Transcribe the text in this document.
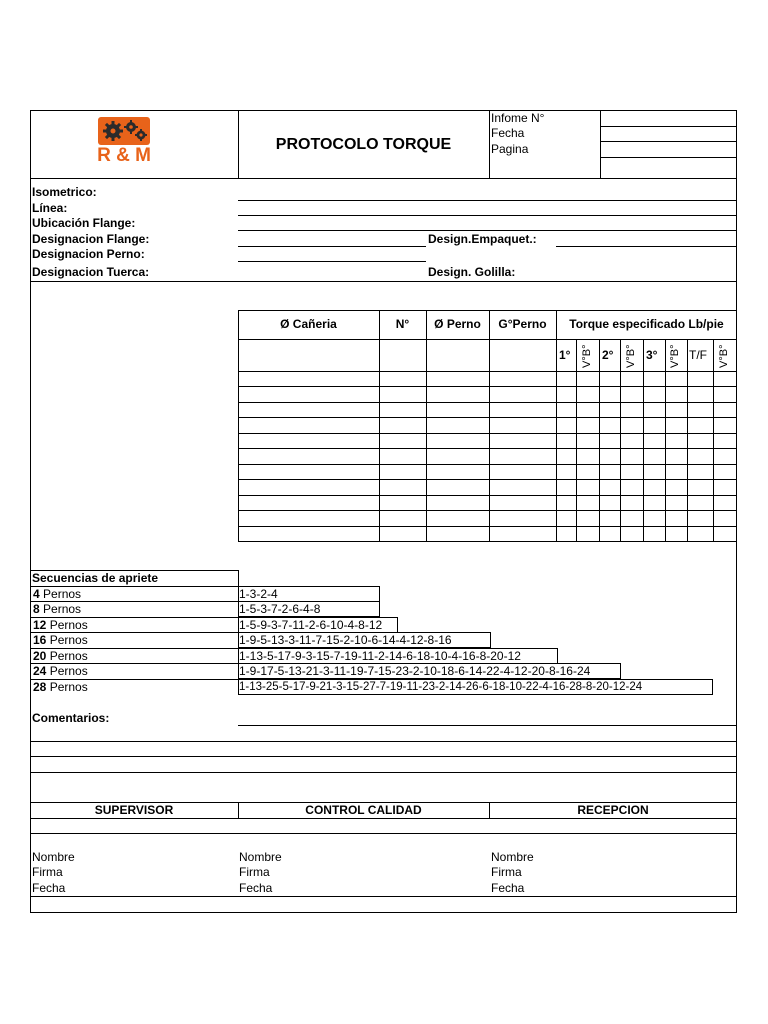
R & M
PROTOCOLO TORQUE
Infome N°
Fecha
Pagina
Isometrico:
Línea:
Ubicación Flange:
Designacion Flange:
Designacion Perno:
Designacion Tuerca:
Design.Empaquet.:
Design. Golilla:
Ø Cañeria	N°	Ø Perno	G°Perno	Torque especificado Lb/pie
1° V°B° 2° V°B° 3° V°B° T/F V°B°
Secuencias de apriete
4 Pernos	1-3-2-4
8 Pernos	1-5-3-7-2-6-4-8
12 Pernos	1-5-9-3-7-11-2-6-10-4-8-12
16 Pernos	1-9-5-13-3-11-7-15-2-10-6-14-4-12-8-16
20 Pernos	1-13-5-17-9-3-15-7-19-11-2-14-6-18-10-4-16-8-20-12
24 Pernos	1-9-17-5-13-21-3-11-19-7-15-23-2-10-18-6-14-22-4-12-20-8-16-24
28 Pernos	1-13-25-5-17-9-21-3-15-27-7-19-11-23-2-14-26-6-18-10-22-4-16-28-8-20-12-24
Comentarios:
SUPERVISOR	CONTROL CALIDAD	RECEPCION
Nombre
Firma
Fecha
Nombre
Firma
Fecha
Nombre
Firma
Fecha
